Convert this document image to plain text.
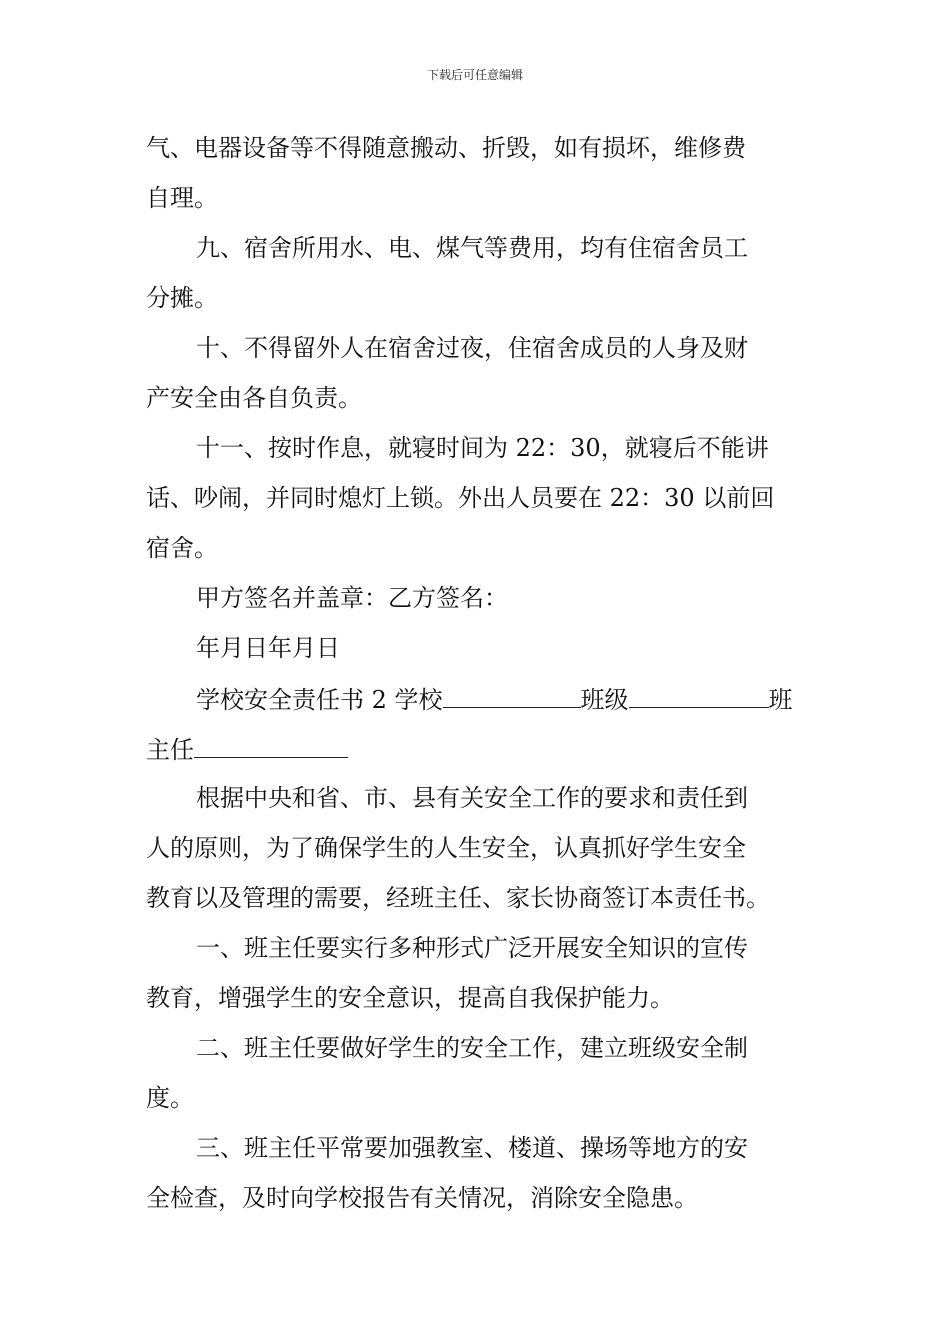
下载后可任意编辑
气、电器设备等不得随意搬动、折毁，如有损坏，维修费
自理。
九、宿舍所用水、电、煤气等费用，均有住宿舍员工
分摊。
十、不得留外人在宿舍过夜，住宿舍成员的人身及财
产安全由各自负责。
十一、按时作息，就寝时间为 22：30，就寝后不能讲
话、吵闹，并同时熄灯上锁。外出人员要在 22：30 以前回
宿舍。
甲方签名并盖章：乙方签名：
年月日年月日
学校安全责任书 2 学校	班级	班
主任
根据中央和省、市、县有关安全工作的要求和责任到
人的原则，为了确保学生的人生安全，认真抓好学生安全
教育以及管理的需要，经班主任、家长协商签订本责任书。
一、班主任要实行多种形式广泛开展安全知识的宣传
教育，增强学生的安全意识，提高自我保护能力。
二、班主任要做好学生的安全工作，建立班级安全制
度。
三、班主任平常要加强教室、楼道、操场等地方的安
全检查，及时向学校报告有关情况，消除安全隐患。
